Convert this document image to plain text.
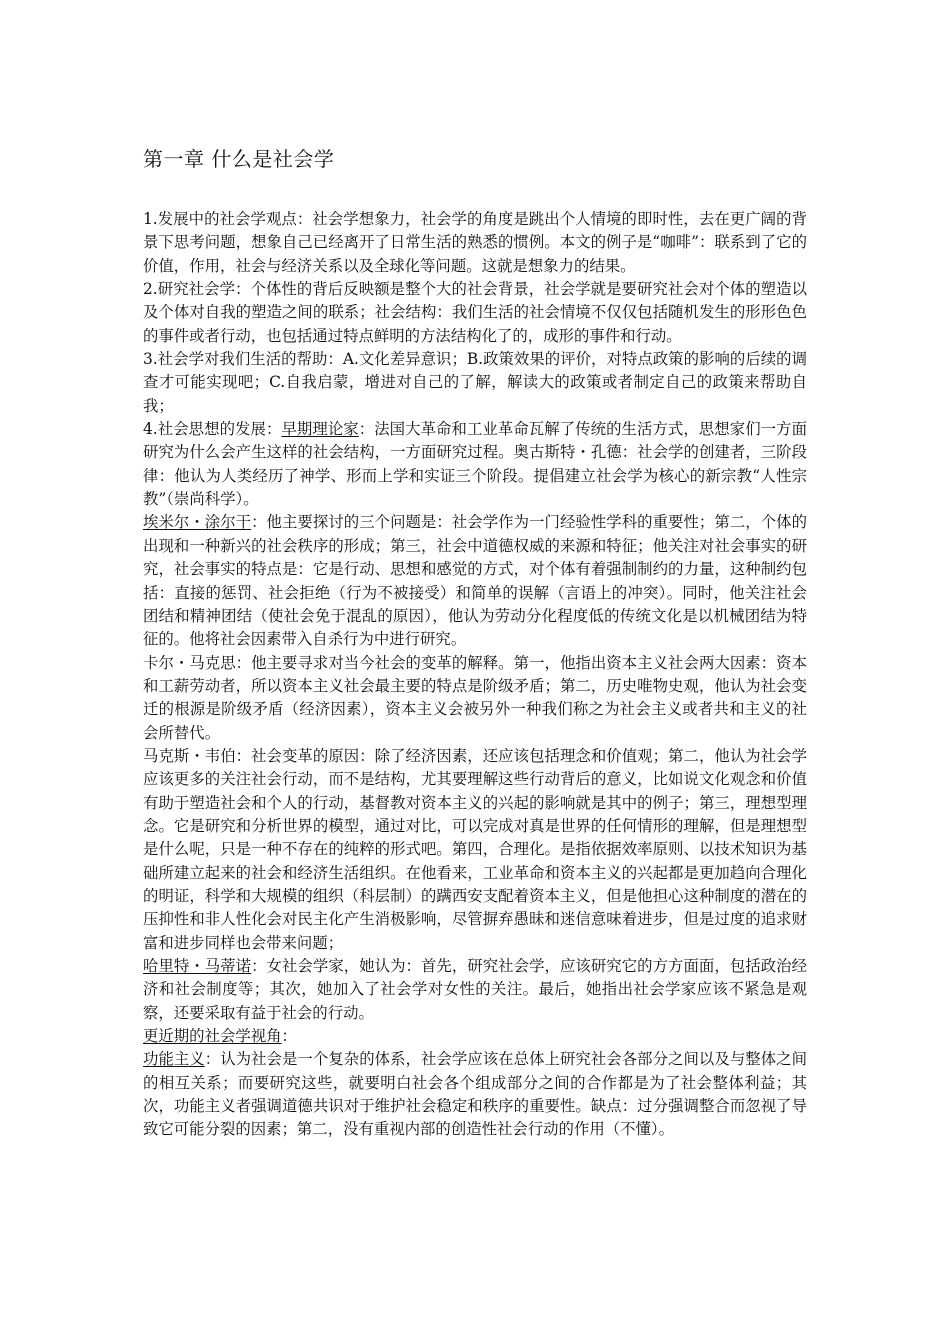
第一章 什么是社会学

1.发展中的社会学观点：社会学想象力，社会学的角度是跳出个人情境的即时性，去在更广阔的背景下思考问题，想象自己已经离开了日常生活的熟悉的惯例。本文的例子是“咖啡”：联系到了它的价值，作用，社会与经济关系以及全球化等问题。这就是想象力的结果。

2.研究社会学：个体性的背后反映额是整个大的社会背景，社会学就是要研究社会对个体的塑造以及个体对自我的塑造之间的联系；社会结构：我们生活的社会情境不仅仅包括随机发生的形形色色的事件或者行动，也包括通过特点鲜明的方法结构化了的，成形的事件和行动。

3.社会学对我们生活的帮助：A.文化差异意识；B.政策效果的评价，对特点政策的影响的后续的调查才可能实现吧；C.自我启蒙，增进对自己的了解，解读大的政策或者制定自己的政策来帮助自我；

4.社会思想的发展：早期理论家：法国大革命和工业革命瓦解了传统的生活方式，思想家们一方面研究为什么会产生这样的社会结构，一方面研究过程。奥古斯特・孔德：社会学的创建者，三阶段律：他认为人类经历了神学、形而上学和实证三个阶段。提倡建立社会学为核心的新宗教“人性宗教”（崇尚科学）。

埃米尔・涂尔干：他主要探讨的三个问题是：社会学作为一门经验性学科的重要性；第二，个体的出现和一种新兴的社会秩序的形成；第三，社会中道德权威的来源和特征；他关注对社会事实的研究，社会事实的特点是：它是行动、思想和感觉的方式，对个体有着强制制约的力量，这种制约包括：直接的惩罚、社会拒绝（行为不被接受）和简单的误解（言语上的冲突）。同时，他关注社会团结和精神团结（使社会免于混乱的原因），他认为劳动分化程度低的传统文化是以机械团结为特征的。他将社会因素带入自杀行为中进行研究。

卡尔・马克思：他主要寻求对当今社会的变革的解释。第一，他指出资本主义社会两大因素：资本和工薪劳动者，所以资本主义社会最主要的特点是阶级矛盾；第二，历史唯物史观，他认为社会变迁的根源是阶级矛盾（经济因素），资本主义会被另外一种我们称之为社会主义或者共和主义的社会所替代。

马克斯・韦伯：社会变革的原因：除了经济因素，还应该包括理念和价值观；第二，他认为社会学应该更多的关注社会行动，而不是结构，尤其要理解这些行动背后的意义，比如说文化观念和价值有助于塑造社会和个人的行动，基督教对资本主义的兴起的影响就是其中的例子；第三，理想型理念。它是研究和分析世界的模型，通过对比，可以完成对真是世界的任何情形的理解，但是理想型是什么呢，只是一种不存在的纯粹的形式吧。第四，合理化。是指依据效率原则、以技术知识为基础所建立起来的社会和经济生活组织。在他看来，工业革命和资本主义的兴起都是更加趋向合理化的明证，科学和大规模的组织（科层制）的蹒西安支配着资本主义，但是他担心这种制度的潜在的压抑性和非人性化会对民主化产生消极影响，尽管摒弃愚昧和迷信意味着进步，但是过度的追求财富和进步同样也会带来问题；

哈里特・马蒂诺：女社会学家，她认为：首先，研究社会学，应该研究它的方方面面，包括政治经济和社会制度等；其次，她加入了社会学对女性的关注。最后，她指出社会学家应该不紧急是观察，还要采取有益于社会的行动。

更近期的社会学视角：

功能主义：认为社会是一个复杂的体系，社会学应该在总体上研究社会各部分之间以及与整体之间的相互关系；而要研究这些，就要明白社会各个组成部分之间的合作都是为了社会整体利益；其次，功能主义者强调道德共识对于维护社会稳定和秩序的重要性。缺点：过分强调整合而忽视了导致它可能分裂的因素；第二，没有重视内部的创造性社会行动的作用（不懂）。
